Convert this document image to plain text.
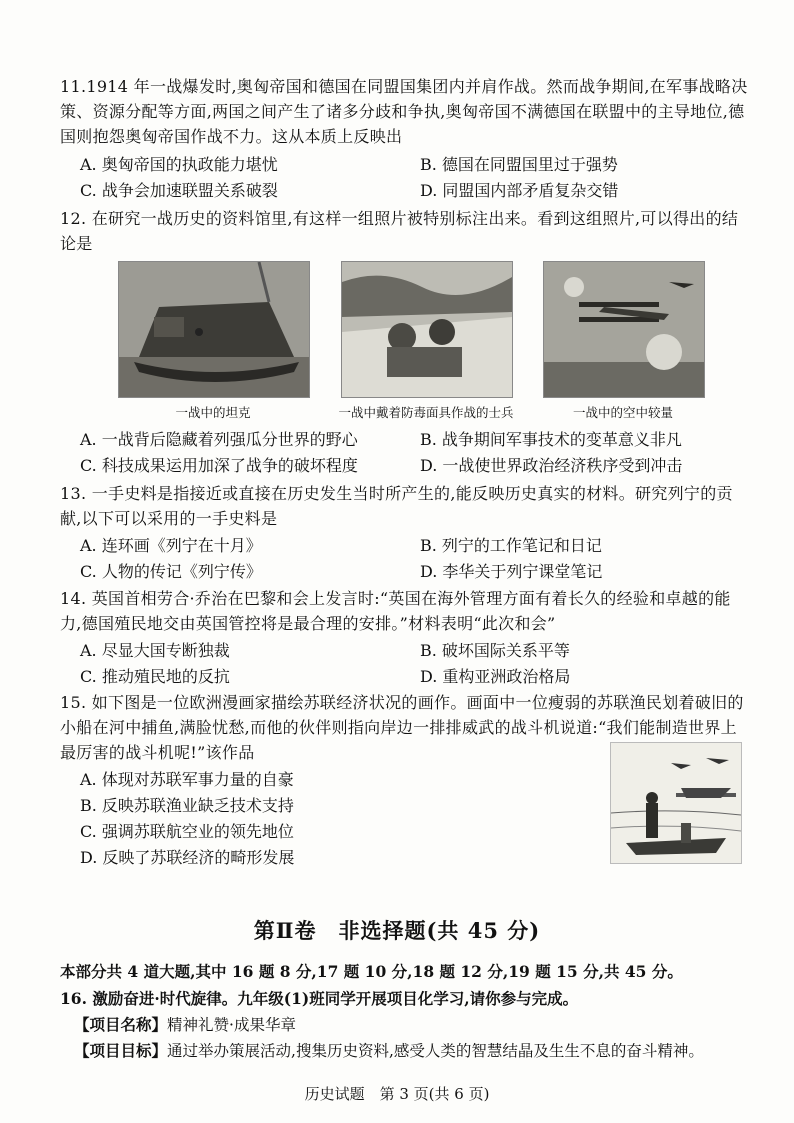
11.1914 年一战爆发时,奥匈帝国和德国在同盟国集团内并肩作战。然而战争期间,在军事战略决策、资源分配等方面,两国之间产生了诸多分歧和争执,奥匈帝国不满德国在联盟中的主导地位,德国则抱怨奥匈帝国作战不力。这从本质上反映出
A. 奥匈帝国的执政能力堪忧	B. 德国在同盟国里过于强势
C. 战争会加速联盟关系破裂	D. 同盟国内部矛盾复杂交错
12. 在研究一战历史的资料馆里,有这样一组照片被特别标注出来。看到这组照片,可以得出的结论是
一战中的坦克	一战中戴着防毒面具作战的士兵	一战中的空中较量
A. 一战背后隐藏着列强瓜分世界的野心	B. 战争期间军事技术的变革意义非凡
C. 科技成果运用加深了战争的破坏程度	D. 一战使世界政治经济秩序受到冲击
13. 一手史料是指接近或直接在历史发生当时所产生的,能反映历史真实的材料。研究列宁的贡献,以下可以采用的一手史料是
A. 连环画《列宁在十月》	B. 列宁的工作笔记和日记
C. 人物的传记《列宁传》	D. 李华关于列宁课堂笔记
14. 英国首相劳合·乔治在巴黎和会上发言时:“英国在海外管理方面有着长久的经验和卓越的能力,德国殖民地交由英国管控将是最合理的安排。”材料表明“此次和会”
A. 尽显大国专断独裁	B. 破坏国际关系平等
C. 推动殖民地的反抗	D. 重构亚洲政治格局
15. 如下图是一位欧洲漫画家描绘苏联经济状况的画作。画面中一位瘦弱的苏联渔民划着破旧的小船在河中捕鱼,满脸忧愁,而他的伙伴则指向岸边一排排威武的战斗机说道:“我们能制造世界上最厉害的战斗机呢!”该作品
A. 体现对苏联军事力量的自豪
B. 反映苏联渔业缺乏技术支持
C. 强调苏联航空业的领先地位
D. 反映了苏联经济的畸形发展
第Ⅱ卷　非选择题(共 45 分)
本部分共 4 道大题,其中 16 题 8 分,17 题 10 分,18 题 12 分,19 题 15 分,共 45 分。
16. 激励奋进·时代旋律。九年级(1)班同学开展项目化学习,请你参与完成。
【项目名称】精神礼赞·成果华章
【项目目标】通过举办策展活动,搜集历史资料,感受人类的智慧结晶及生生不息的奋斗精神。
历史试题　第 3 页(共 6 页)
